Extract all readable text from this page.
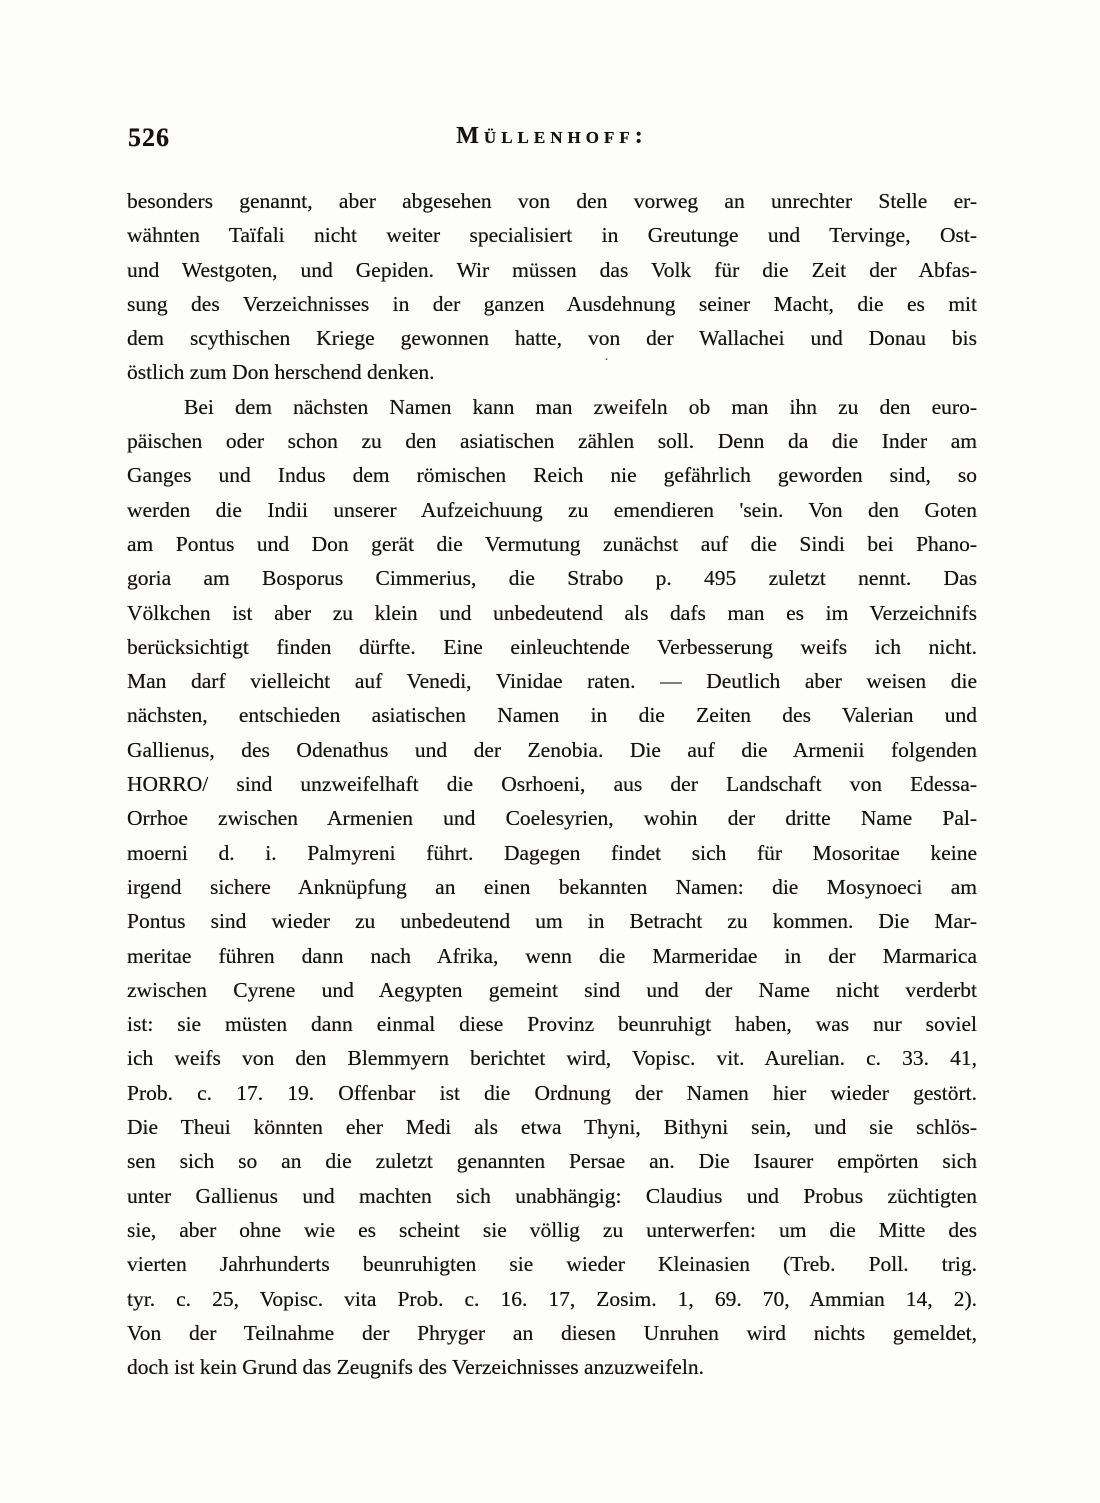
526	Müllenhoff:
besonders genannt, aber abgesehen von den vorweg an unrechter Stelle er-
wähnten Taïfali nicht weiter specialisiert in Greutunge und Tervinge, Ost-
und Westgoten, und Gepiden. Wir müssen das Volk für die Zeit der Abfas-
sung des Verzeichnisses in der ganzen Ausdehnung seiner Macht, die es mit
dem scythischen Kriege gewonnen hatte, von der Wallachei und Donau bis
östlich zum Don herschend denken.
Bei dem nächsten Namen kann man zweifeln ob man ihn zu den euro-
päischen oder schon zu den asiatischen zählen soll. Denn da die Inder am
Ganges und Indus dem römischen Reich nie gefährlich geworden sind, so
werden die Indii unserer Aufzeichuung zu emendieren 'sein. Von den Goten
am Pontus und Don gerät die Vermutung zunächst auf die Sindi bei Phano-
goria am Bosporus Cimmerius, die Strabo p. 495 zuletzt nennt. Das
Völkchen ist aber zu klein und unbedeutend als dafs man es im Verzeichnifs
berücksichtigt finden dürfte. Eine einleuchtende Verbesserung weifs ich nicht.
Man darf vielleicht auf Venedi, Vinidae raten. — Deutlich aber weisen die
nächsten, entschieden asiatischen Namen in die Zeiten des Valerian und
Gallienus, des Odenathus und der Zenobia. Die auf die Armenii folgenden
HORRO/ sind unzweifelhaft die Osrhoeni, aus der Landschaft von Edessa-
Orrhoe zwischen Armenien und Coelesyrien, wohin der dritte Name Pal-
moerni d. i. Palmyreni führt. Dagegen findet sich für Mosoritae keine
irgend sichere Anknüpfung an einen bekannten Namen: die Mosynoeci am
Pontus sind wieder zu unbedeutend um in Betracht zu kommen. Die Mar-
meritae führen dann nach Afrika, wenn die Marmeridae in der Marmarica
zwischen Cyrene und Aegypten gemeint sind und der Name nicht verderbt
ist: sie müsten dann einmal diese Provinz beunruhigt haben, was nur soviel
ich weifs von den Blemmyern berichtet wird, Vopisc. vit. Aurelian. c. 33. 41,
Prob. c. 17. 19. Offenbar ist die Ordnung der Namen hier wieder gestört.
Die Theui könnten eher Medi als etwa Thyni, Bithyni sein, und sie schlös-
sen sich so an die zuletzt genannten Persae an. Die Isaurer empörten sich
unter Gallienus und machten sich unabhängig: Claudius und Probus züchtigten
sie, aber ohne wie es scheint sie völlig zu unterwerfen: um die Mitte des
vierten Jahrhunderts beunruhigten sie wieder Kleinasien (Treb. Poll. trig.
tyr. c. 25, Vopisc. vita Prob. c. 16. 17, Zosim. 1, 69. 70, Ammian 14, 2).
Von der Teilnahme der Phryger an diesen Unruhen wird nichts gemeldet,
doch ist kein Grund das Zeugnifs des Verzeichnisses anzuzweifeln.
·
